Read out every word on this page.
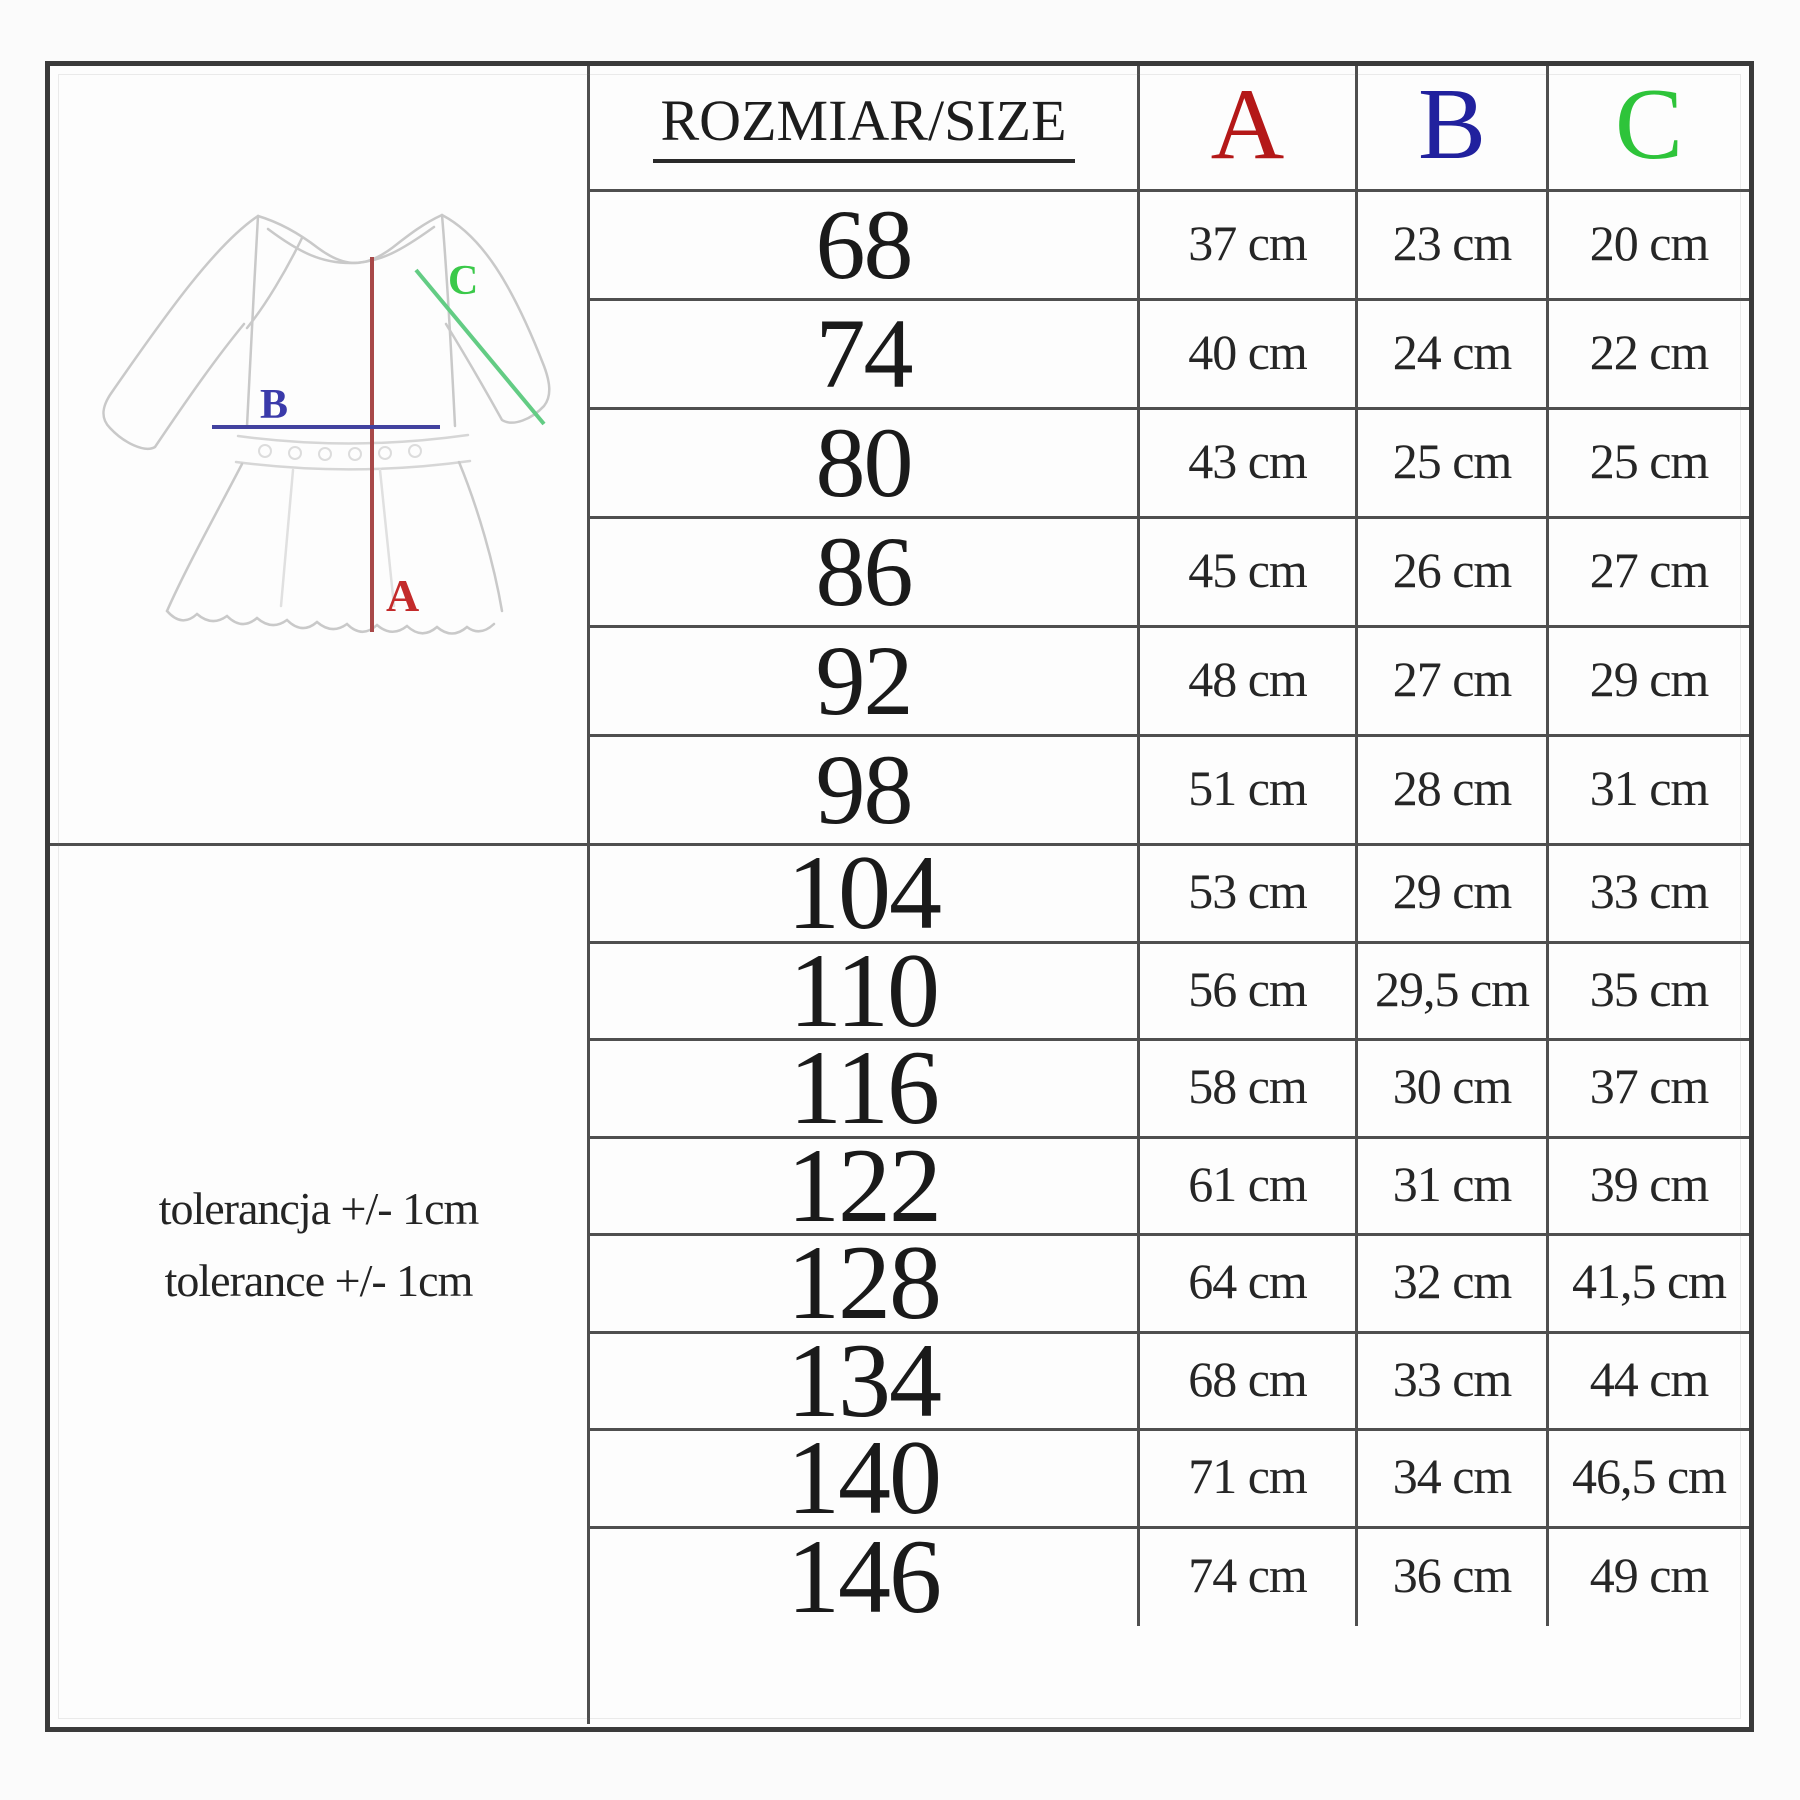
A
B
C
tolerancja +/- 1cm
tolerance +/- 1cm
ROZMIAR/SIZE	A	B	C
68	37 cm	23 cm	20 cm
74	40 cm	24 cm	22 cm
80	43 cm	25 cm	25 cm
86	45 cm	26 cm	27 cm
92	48 cm	27 cm	29 cm
98	51 cm	28 cm	31 cm
104	53 cm	29 cm	33 cm
110	56 cm	29,5 cm	35 cm
116	58 cm	30 cm	37 cm
122	61 cm	31 cm	39 cm
128	64 cm	32 cm	41,5 cm
134	68 cm	33 cm	44 cm
140	71 cm	34 cm	46,5 cm
146	74 cm	36 cm	49 cm
